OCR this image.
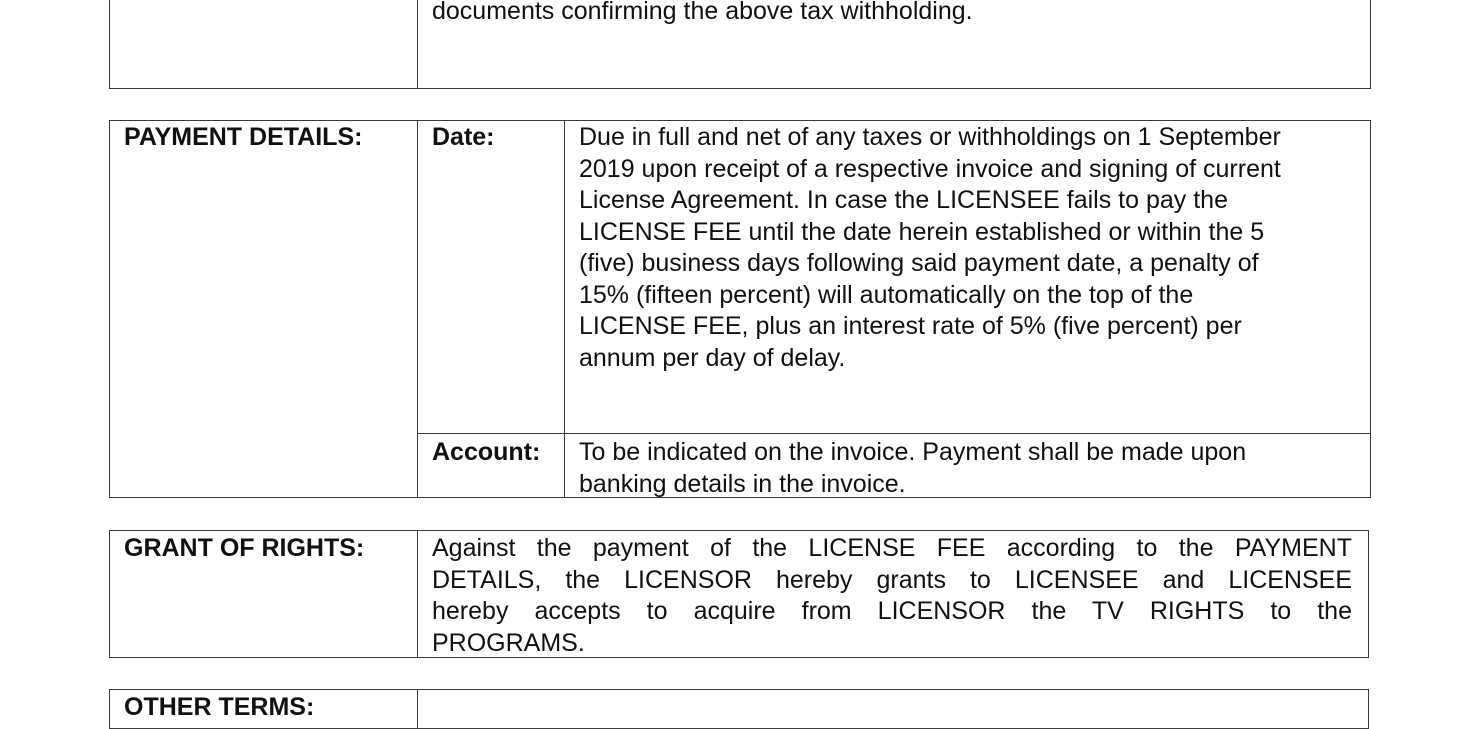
documents confirming the above tax withholding.
PAYMENT DETAILS:	Date:	Due in full and net of any taxes or withholdings on 1 September
2019 upon receipt of a respective invoice and signing of current
License Agreement. In case the LICENSEE fails to pay the
LICENSE FEE until the date herein established or within the 5
(five) business days following said payment date, a penalty of
15% (fifteen percent) will automatically on the top of the
LICENSE FEE, plus an interest rate of 5% (five percent) per
annum per day of delay.
Account: To be indicated on the invoice. Payment shall be made upon
banking details in the invoice.
GRANT OF RIGHTS:	Against the payment of the LICENSE FEE according to the PAYMENT
DETAILS, the LICENSOR hereby grants to LICENSEE and LICENSEE
hereby accepts to acquire from LICENSOR the TV RIGHTS to the
PROGRAMS.
OTHER TERMS:
